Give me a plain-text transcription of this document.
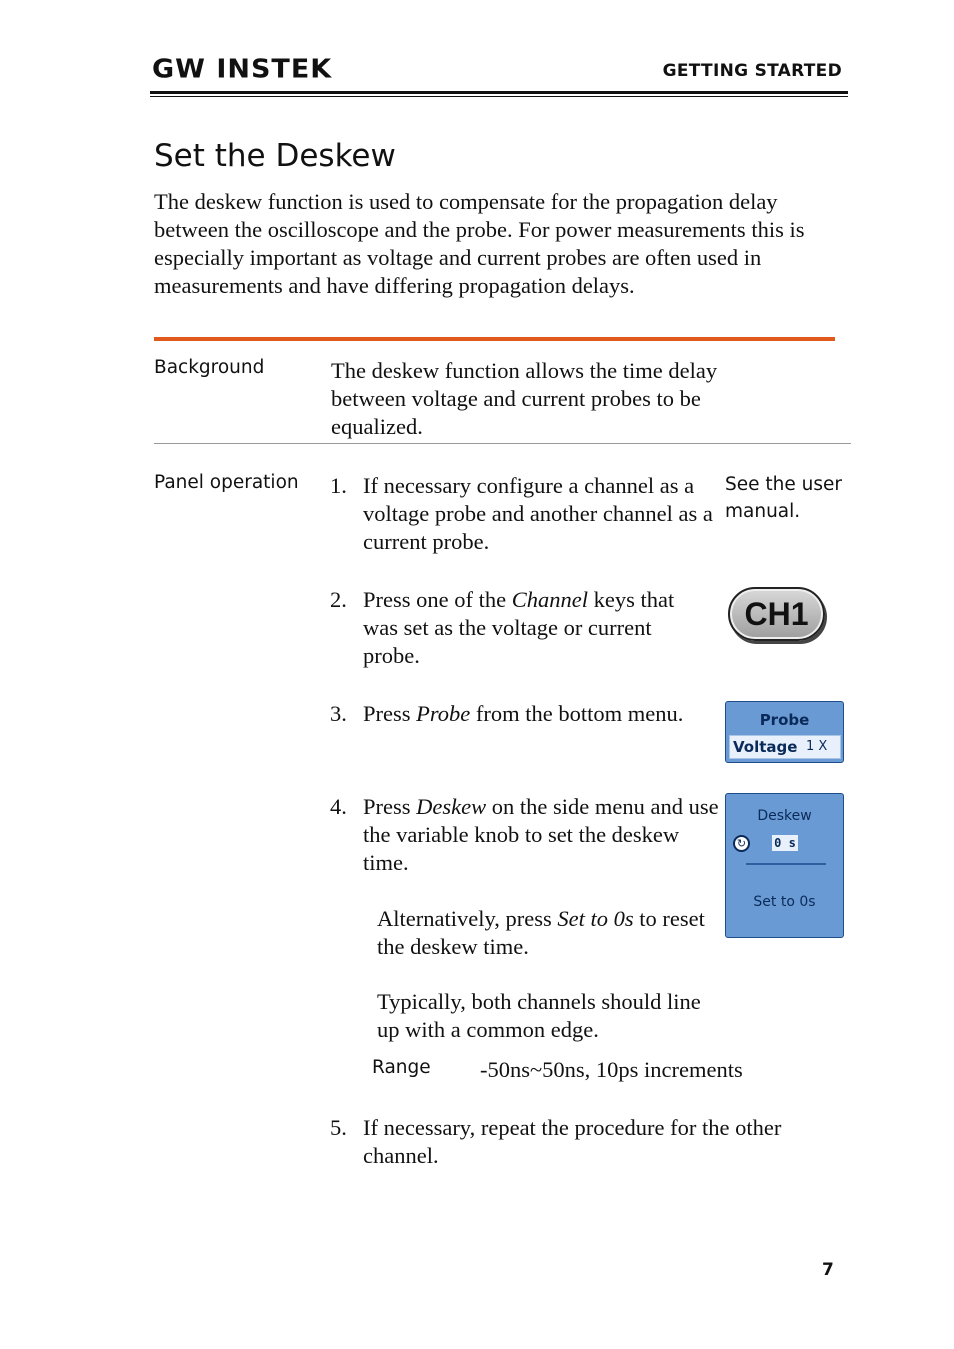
GW INSTEK	GETTING STARTED
Set the Deskew
The deskew function is used to compensate for the propagation delay between the oscilloscope and the probe. For power measurements this is especially important as voltage and current probes are often used in measurements and have differing propagation delays.
Background	The deskew function allows the time delay between voltage and current probes to be equalized.
Panel operation 1. If necessary configure a channel as a voltage probe and another channel as a current probe.
See the user manual.
2. Press one of the Channel keys that was set as the voltage or current probe.
CH1
3. Press Probe from the bottom menu.	Probe
Voltage 1 X
4. Press Deskew on the side menu and use the variable knob to set the deskew time.
Deskew
↻	0 s
Set to 0s
Alternatively, press Set to 0s to reset the deskew time.
Typically, both channels should line up with a common edge.
Range -50ns~50ns, 10ps increments
5. If necessary, repeat the procedure for the other channel.
7
